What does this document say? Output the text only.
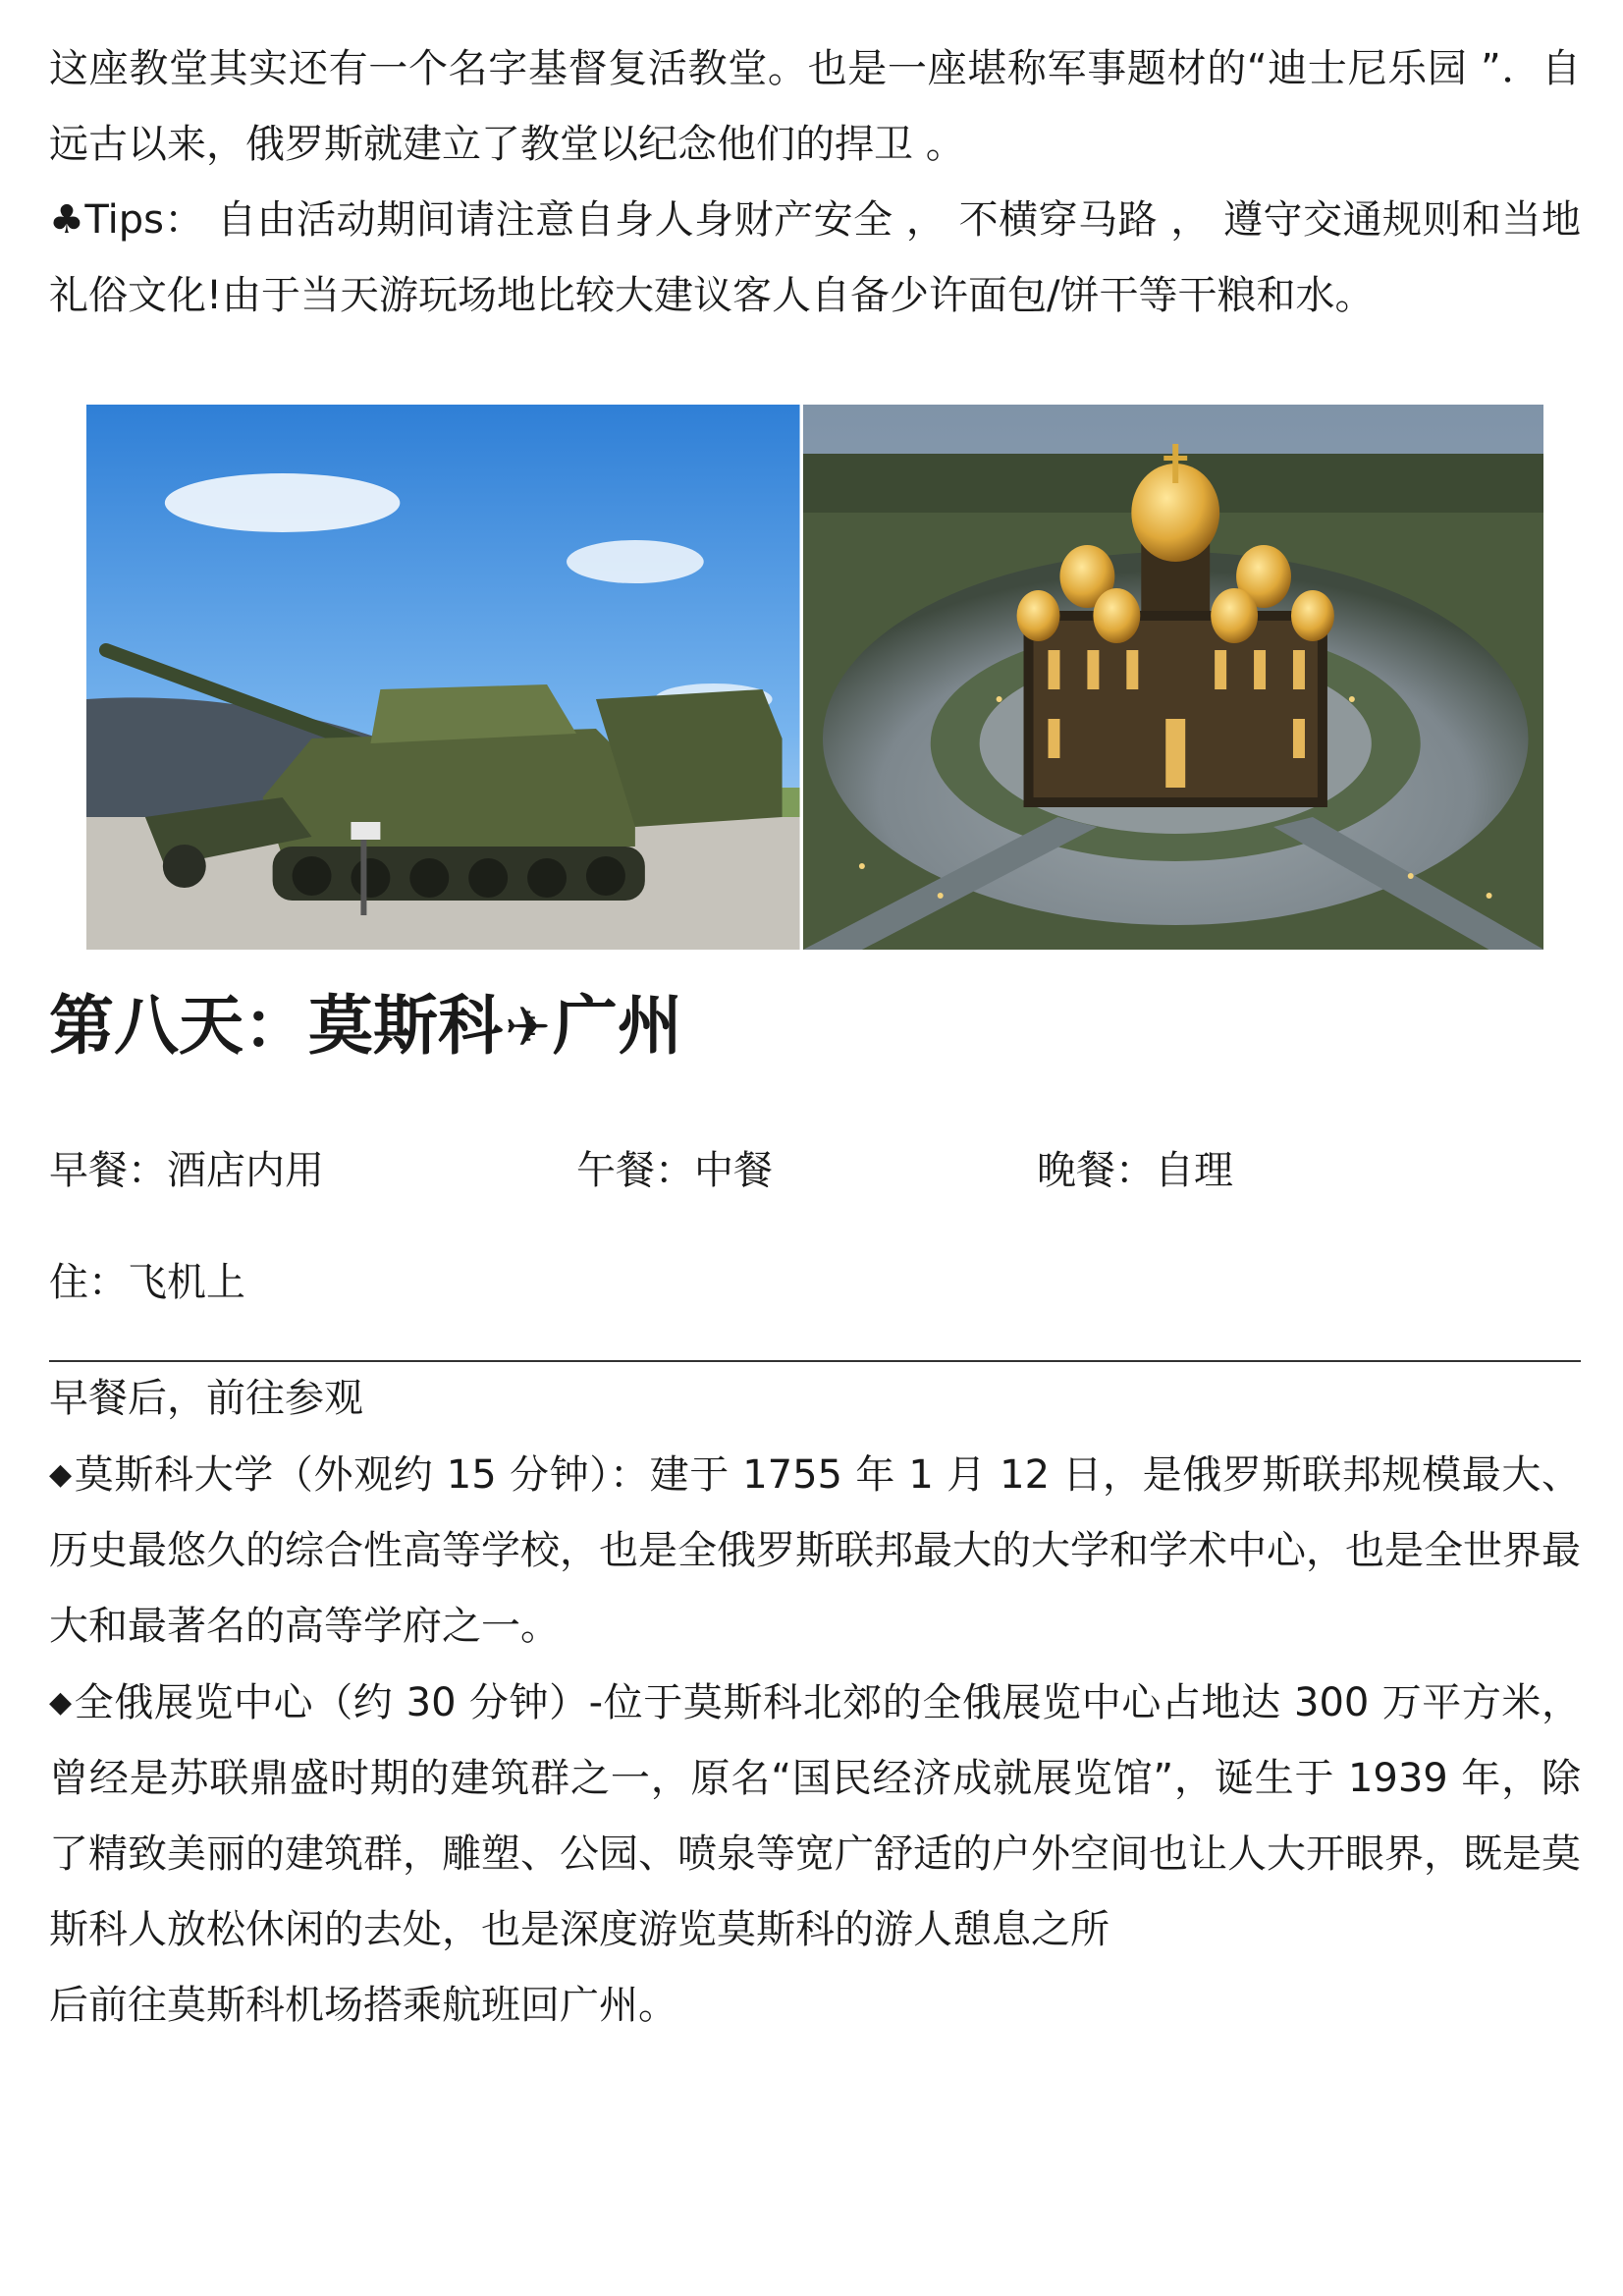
这座教堂其实还有一个名字基督复活教堂。也是一座堪称军事题材的“迪士尼乐园 ”．自远古以来，俄罗斯就建立了教堂以纪念他们的捍卫 。

♣Tips： 自由活动期间请注意自身人身财产安全 ， 不横穿马路 ， 遵守交通规则和当地礼俗文化!由于当天游玩场地比较大建议客人自备少许面包/饼干等干粮和水。

第八天：莫斯科✈广州
早餐：酒店内用	午餐：中餐	晚餐：自理
住：飞机上

早餐后，前往参观

◆莫斯科大学（外观约 15 分钟）：建于 1755 年 1 月 12 日，是俄罗斯联邦规模最大、历史最悠久的综合性高等学校，也是全俄罗斯联邦最大的大学和学术中心，也是全世界最大和最著名的高等学府之一。

◆全俄展览中心（约 30 分钟）-位于莫斯科北郊的全俄展览中心占地达 300 万平方米，曾经是苏联鼎盛时期的建筑群之一，原名“国民经济成就展览馆”，诞生于 1939 年，除了精致美丽的建筑群，雕塑、公园、喷泉等宽广舒适的户外空间也让人大开眼界，既是莫斯科人放松休闲的去处，也是深度游览莫斯科的游人憩息之所

后前往莫斯科机场搭乘航班回广州。
